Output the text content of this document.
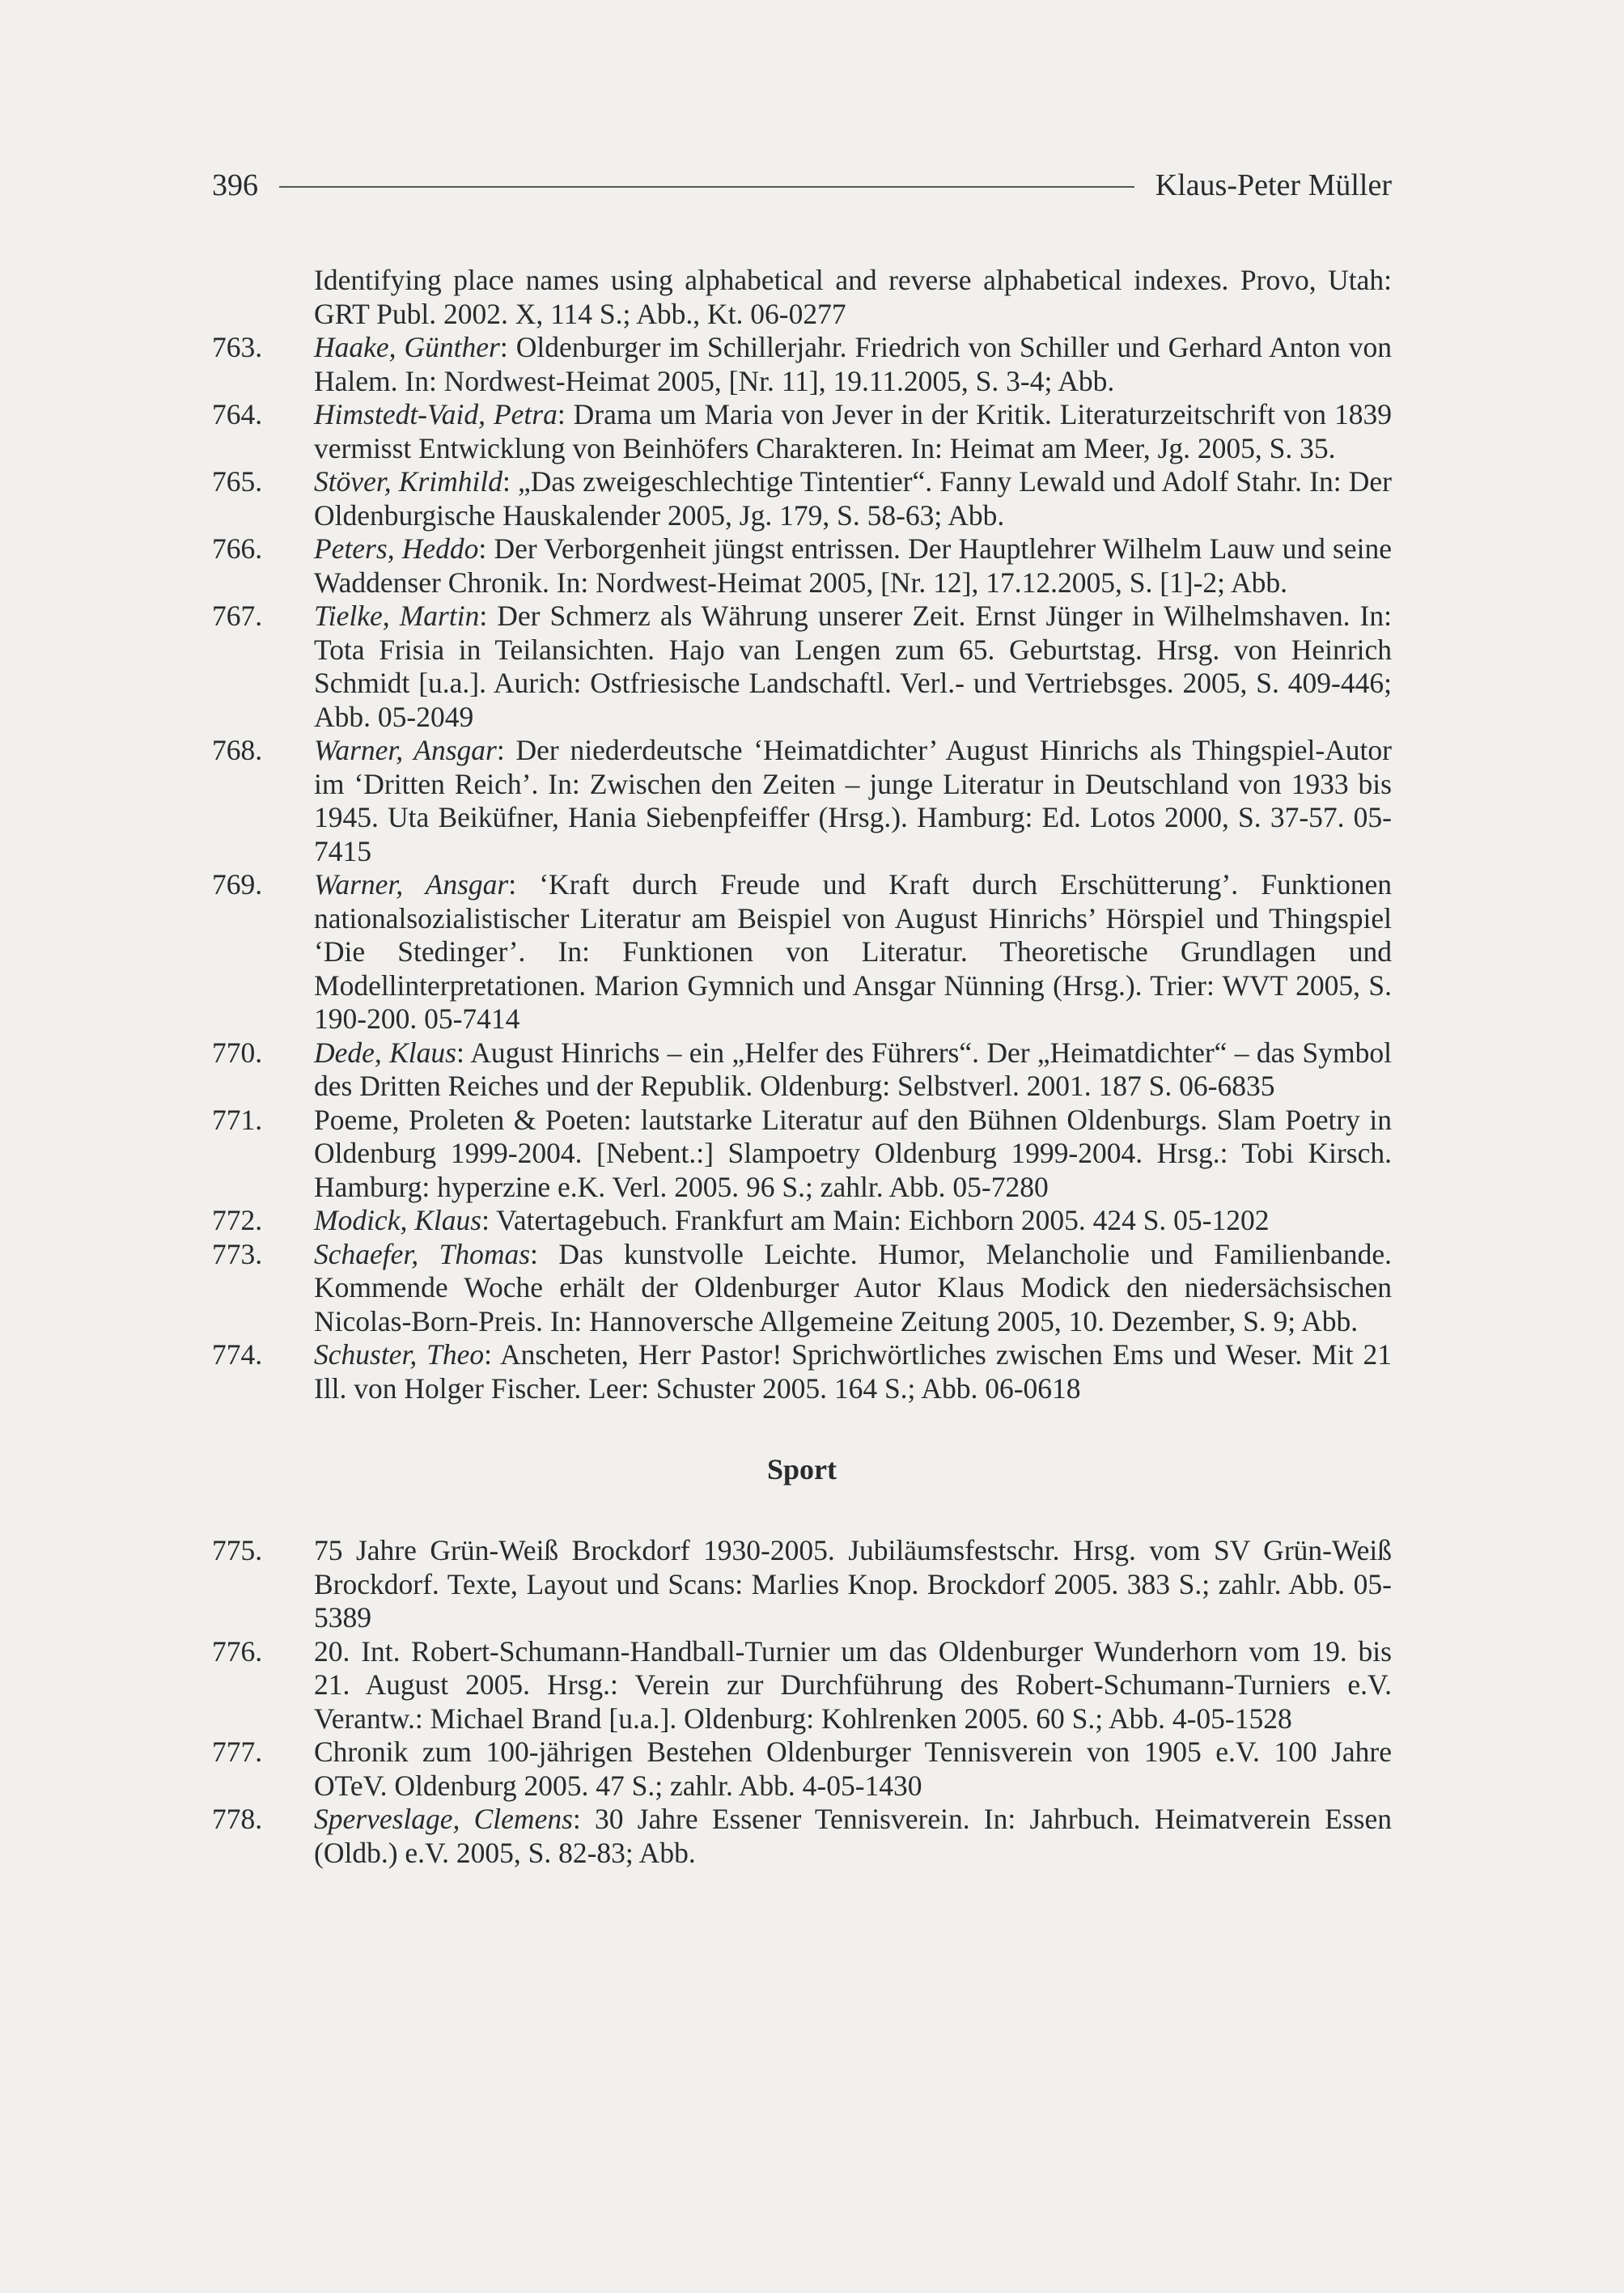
396	Klaus-Peter Müller
Identifying place names using alphabetical and reverse alphabetical indexes. Provo, Utah: GRT Publ. 2002. X, 114 S.; Abb., Kt. 06-0277
763.	Haake, Günther: Oldenburger im Schillerjahr. Friedrich von Schiller und Gerhard Anton von Halem. In: Nordwest-Heimat 2005, [Nr. 11], 19.11.2005, S. 3-4; Abb.
764.	Himstedt-Vaid, Petra: Drama um Maria von Jever in der Kritik. Literaturzeitschrift von 1839 vermisst Entwicklung von Beinhöfers Charakteren. In: Heimat am Meer, Jg. 2005, S. 35.
765.	Stöver, Krimhild: „Das zweigeschlechtige Tintentier“. Fanny Lewald und Adolf Stahr. In: Der Oldenburgische Hauskalender 2005, Jg. 179, S. 58-63; Abb.
766.	Peters, Heddo: Der Verborgenheit jüngst entrissen. Der Hauptlehrer Wilhelm Lauw und seine Waddenser Chronik. In: Nordwest-Heimat 2005, [Nr. 12], 17.12.2005, S. [1]-2; Abb.
767.	Tielke, Martin: Der Schmerz als Währung unserer Zeit. Ernst Jünger in Wilhelmshaven. In: Tota Frisia in Teilansichten. Hajo van Lengen zum 65. Geburtstag. Hrsg. von Heinrich Schmidt [u.a.]. Aurich: Ostfriesische Landschaftl. Verl.- und Vertriebsges. 2005, S. 409-446; Abb. 05-2049
768.	Warner, Ansgar: Der niederdeutsche ‘Heimatdichter’ August Hinrichs als Thingspiel-Autor im ‘Dritten Reich’. In: Zwischen den Zeiten – junge Literatur in Deutschland von 1933 bis 1945. Uta Beiküfner, Hania Siebenpfeiffer (Hrsg.). Hamburg: Ed. Lotos 2000, S. 37-57. 05-7415
769.	Warner, Ansgar: ‘Kraft durch Freude und Kraft durch Erschütterung’. Funktionen nationalsozialistischer Literatur am Beispiel von August Hinrichs’ Hörspiel und Thingspiel ‘Die Stedinger’. In: Funktionen von Literatur. Theoretische Grundlagen und Modellinterpretationen. Marion Gymnich und Ansgar Nünning (Hrsg.). Trier: WVT 2005, S. 190-200. 05-7414
770.	Dede, Klaus: August Hinrichs – ein „Helfer des Führers“. Der „Heimatdichter“ – das Symbol des Dritten Reiches und der Republik. Oldenburg: Selbstverl. 2001. 187 S. 06-6835
771.	Poeme, Proleten & Poeten: lautstarke Literatur auf den Bühnen Oldenburgs. Slam Poetry in Oldenburg 1999-2004. [Nebent.:] Slampoetry Oldenburg 1999-2004. Hrsg.: Tobi Kirsch. Hamburg: hyperzine e.K. Verl. 2005. 96 S.; zahlr. Abb. 05-7280
772.	Modick, Klaus: Vatertagebuch. Frankfurt am Main: Eichborn 2005. 424 S. 05-1202
773.	Schaefer, Thomas: Das kunstvolle Leichte. Humor, Melancholie und Familienbande. Kommende Woche erhält der Oldenburger Autor Klaus Modick den niedersächsischen Nicolas-Born-Preis. In: Hannoversche Allgemeine Zeitung 2005, 10. Dezember, S. 9; Abb.
774.	Schuster, Theo: Anscheten, Herr Pastor! Sprichwörtliches zwischen Ems und Weser. Mit 21 Ill. von Holger Fischer. Leer: Schuster 2005. 164 S.; Abb. 06-0618
Sport
775.	75 Jahre Grün-Weiß Brockdorf 1930-2005. Jubiläumsfestschr. Hrsg. vom SV Grün-Weiß Brockdorf. Texte, Layout und Scans: Marlies Knop. Brockdorf 2005. 383 S.; zahlr. Abb. 05-5389
776.	20. Int. Robert-Schumann-Handball-Turnier um das Oldenburger Wunderhorn vom 19. bis 21. August 2005. Hrsg.: Verein zur Durchführung des Robert-Schumann-Turniers e.V. Verantw.: Michael Brand [u.a.]. Oldenburg: Kohlrenken 2005. 60 S.; Abb. 4-05-1528
777.	Chronik zum 100-jährigen Bestehen Oldenburger Tennisverein von 1905 e.V. 100 Jahre OTeV. Oldenburg 2005. 47 S.; zahlr. Abb. 4-05-1430
778.	Sperveslage, Clemens: 30 Jahre Essener Tennisverein. In: Jahrbuch. Heimatverein Essen (Oldb.) e.V. 2005, S. 82-83; Abb.
